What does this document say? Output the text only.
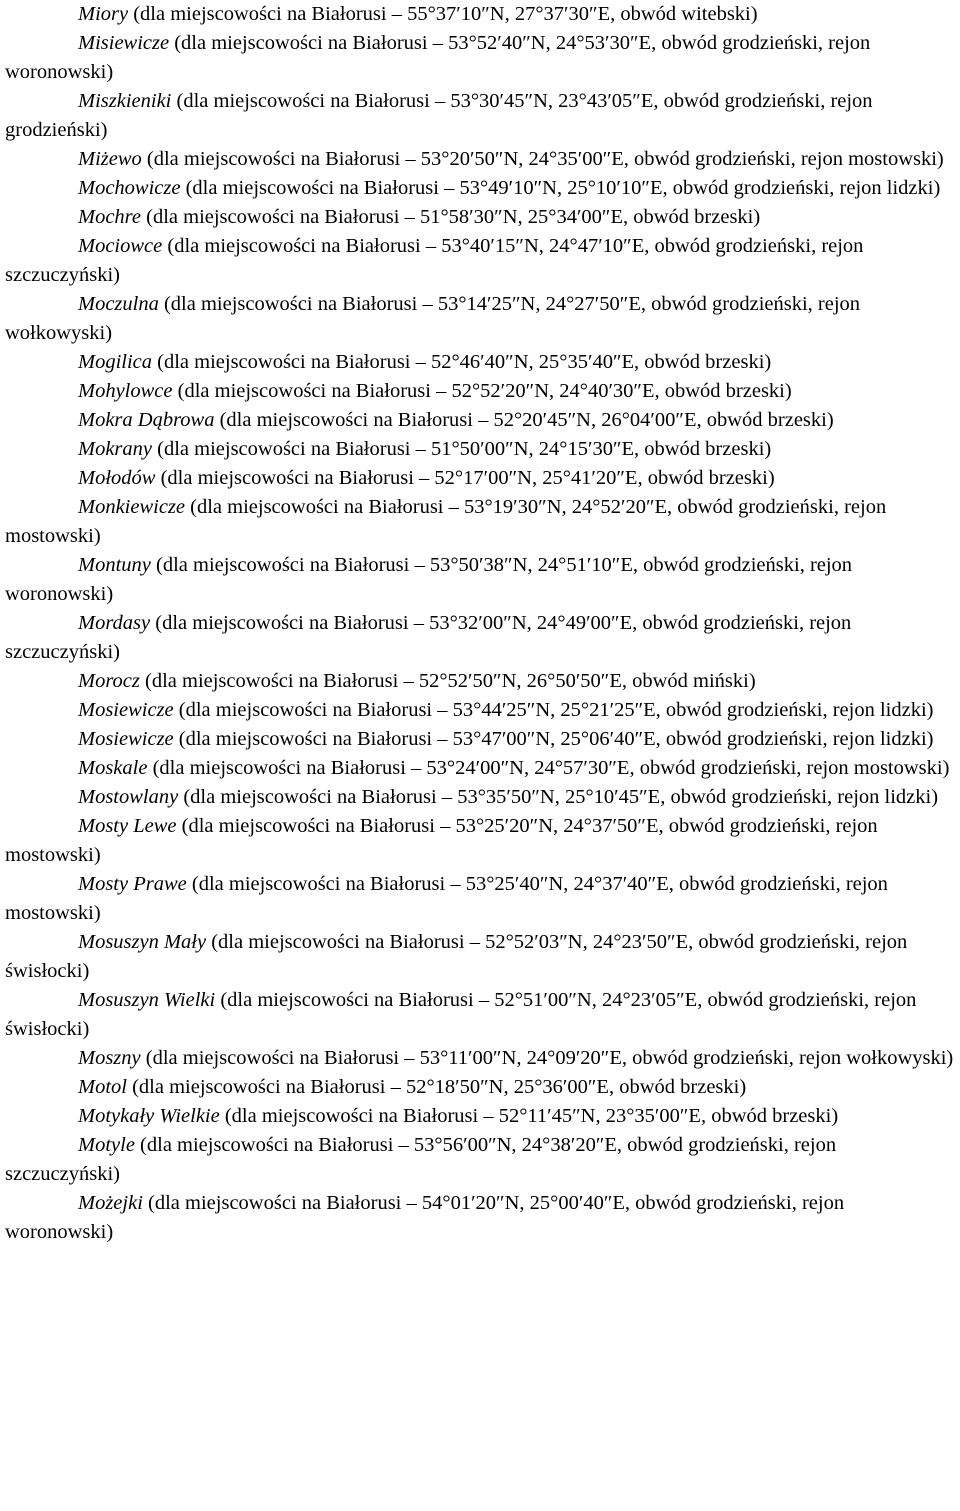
Miory (dla miejscowości na Białorusi – 55°37′10″N, 27°37′30″E, obwód witebski)

Misiewicze (dla miejscowości na Białorusi – 53°52′40″N, 24°53′30″E, obwód grodzieński, rejon woronowski)

Miszkieniki (dla miejscowości na Białorusi – 53°30′45″N, 23°43′05″E, obwód grodzieński, rejon grodzieński)

Miżewo (dla miejscowości na Białorusi – 53°20′50″N, 24°35′00″E, obwód grodzieński, rejon mostowski)

Mochowicze (dla miejscowości na Białorusi – 53°49′10″N, 25°10′10″E, obwód grodzieński, rejon lidzki)

Mochre (dla miejscowości na Białorusi – 51°58′30″N, 25°34′00″E, obwód brzeski)

Mociowce (dla miejscowości na Białorusi – 53°40′15″N, 24°47′10″E, obwód grodzieński, rejon szczuczyński)

Moczulna (dla miejscowości na Białorusi – 53°14′25″N, 24°27′50″E, obwód grodzieński, rejon wołkowyski)

Mogilica (dla miejscowości na Białorusi – 52°46′40″N, 25°35′40″E, obwód brzeski)

Mohylowce (dla miejscowości na Białorusi – 52°52′20″N, 24°40′30″E, obwód brzeski)

Mokra Dąbrowa (dla miejscowości na Białorusi – 52°20′45″N, 26°04′00″E, obwód brzeski)

Mokrany (dla miejscowości na Białorusi – 51°50′00″N, 24°15′30″E, obwód brzeski)

Mołodów (dla miejscowości na Białorusi – 52°17′00″N, 25°41′20″E, obwód brzeski)

Monkiewicze (dla miejscowości na Białorusi – 53°19′30″N, 24°52′20″E, obwód grodzieński, rejon mostowski)

Montuny (dla miejscowości na Białorusi – 53°50′38″N, 24°51′10″E, obwód grodzieński, rejon woronowski)

Mordasy (dla miejscowości na Białorusi – 53°32′00″N, 24°49′00″E, obwód grodzieński, rejon szczuczyński)

Morocz (dla miejscowości na Białorusi – 52°52′50″N, 26°50′50″E, obwód miński)

Mosiewicze (dla miejscowości na Białorusi – 53°44′25″N, 25°21′25″E, obwód grodzieński, rejon lidzki)

Mosiewicze (dla miejscowości na Białorusi – 53°47′00″N, 25°06′40″E, obwód grodzieński, rejon lidzki)

Moskale (dla miejscowości na Białorusi – 53°24′00″N, 24°57′30″E, obwód grodzieński, rejon mostowski)

Mostowlany (dla miejscowości na Białorusi – 53°35′50″N, 25°10′45″E, obwód grodzieński, rejon lidzki)

Mosty Lewe (dla miejscowości na Białorusi – 53°25′20″N, 24°37′50″E, obwód grodzieński, rejon mostowski)

Mosty Prawe (dla miejscowości na Białorusi – 53°25′40″N, 24°37′40″E, obwód grodzieński, rejon mostowski)

Mosuszyn Mały (dla miejscowości na Białorusi – 52°52′03″N, 24°23′50″E, obwód grodzieński, rejon świsłocki)

Mosuszyn Wielki (dla miejscowości na Białorusi – 52°51′00″N, 24°23′05″E, obwód grodzieński, rejon świsłocki)

Moszny (dla miejscowości na Białorusi – 53°11′00″N, 24°09′20″E, obwód grodzieński, rejon wołkowyski)

Motol (dla miejscowości na Białorusi – 52°18′50″N, 25°36′00″E, obwód brzeski)

Motykały Wielkie (dla miejscowości na Białorusi – 52°11′45″N, 23°35′00″E, obwód brzeski)

Motyle (dla miejscowości na Białorusi – 53°56′00″N, 24°38′20″E, obwód grodzieński, rejon szczuczyński)

Możejki (dla miejscowości na Białorusi – 54°01′20″N, 25°00′40″E, obwód grodzieński, rejon woronowski)
